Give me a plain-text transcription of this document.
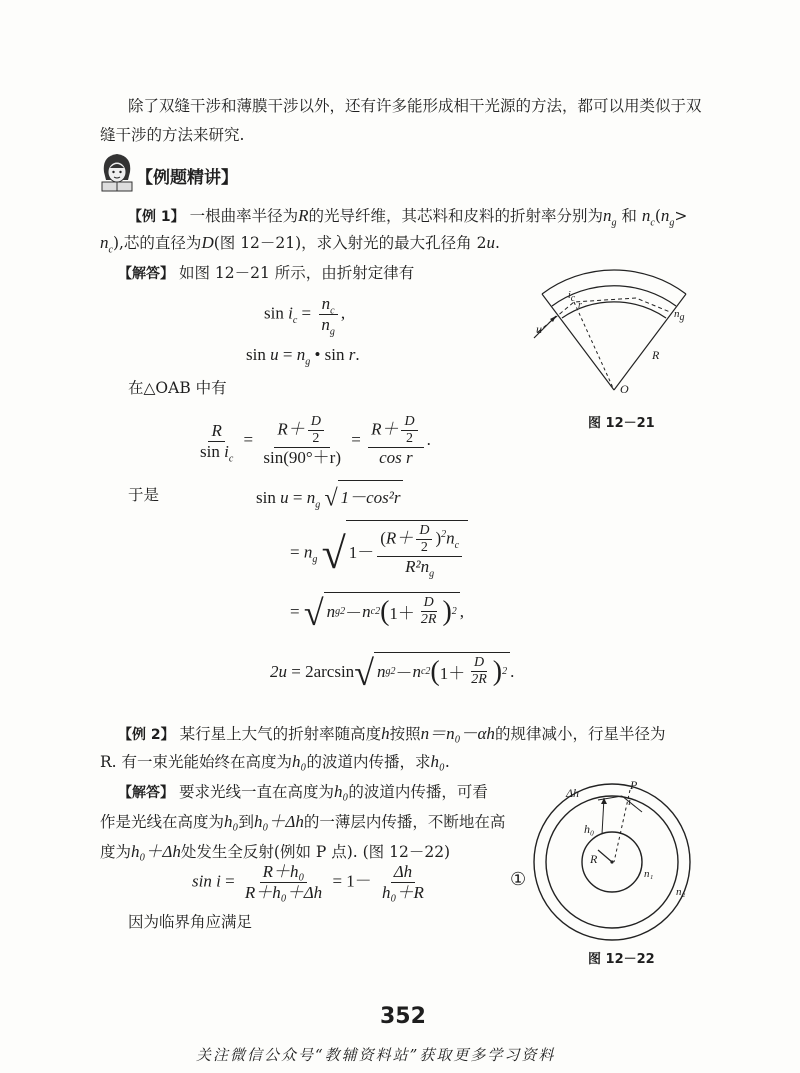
除了双缝干涉和薄膜干涉以外，还有许多能形成相干光源的方法，都可以用类似于双
缝干涉的方法来研究.
【例题精讲】
【例 1】 一根曲率半径为R的光导纤维，其芯料和皮料的折射率分别为$n_g$ 和 $n_c(n_g>$
$n_c$),芯的直径为D(图 12－21)，求入射光的最大孔径角 2u.
【解答】 如图 12－21 所示，由折射定律有
$\sin i_c = \frac{n_c}{n_g}$ ,
$\sin u = n_g$ • sin r.
在△OAB 中有
$\frac{R}{\sin i_c} = \frac{R+ \frac{D}{2}}{\sin(90^\circ+r)} = \frac{R+ \frac{D}{2}}{\text{cos r}}$ .
于是	$\sin u = n_g$ √ 1－cos²r
= $n_g$ √ $1- \frac{(R+ \frac{D}{2} )^2n_c}{R^2n_g}$
= √ n g 2 － n c 2 ( $1+ \frac{D}{2R}$ ) 2 ,
2u = 2arcsin√ n g 2 － n c 2 ( $1+ \frac{D}{2R}$ ) 2 .
u
$i_c$
r
$n_g$
R
O
图 12－21
【例 2】 某行星上大气的折射率随高度h按照n＝n₀－αh的规律减小，行星半径为
R. 有一束光能始终在高度为h₀的波道内传播，求h₀.
【解答】 要求光线一直在高度为h₀的波道内传播，可看
作是光线在高度为h₀到h₀＋Δh的一薄层内传播，不断地在高
度为h₀＋Δh处发生全反射(例如 P 点). (图 12－22)
$\sin i = \frac{\text{R＋h₀}}{\text{R＋h₀＋Δh}} = 1- \frac{\Delta h}{\text{h₀＋R}}$	①
因为临界角应满足
Δh
P
i
h₀
R
n₁
n₂
图 12－22
352
关注微信公众号“教辅资料站”获取更多学习资料
